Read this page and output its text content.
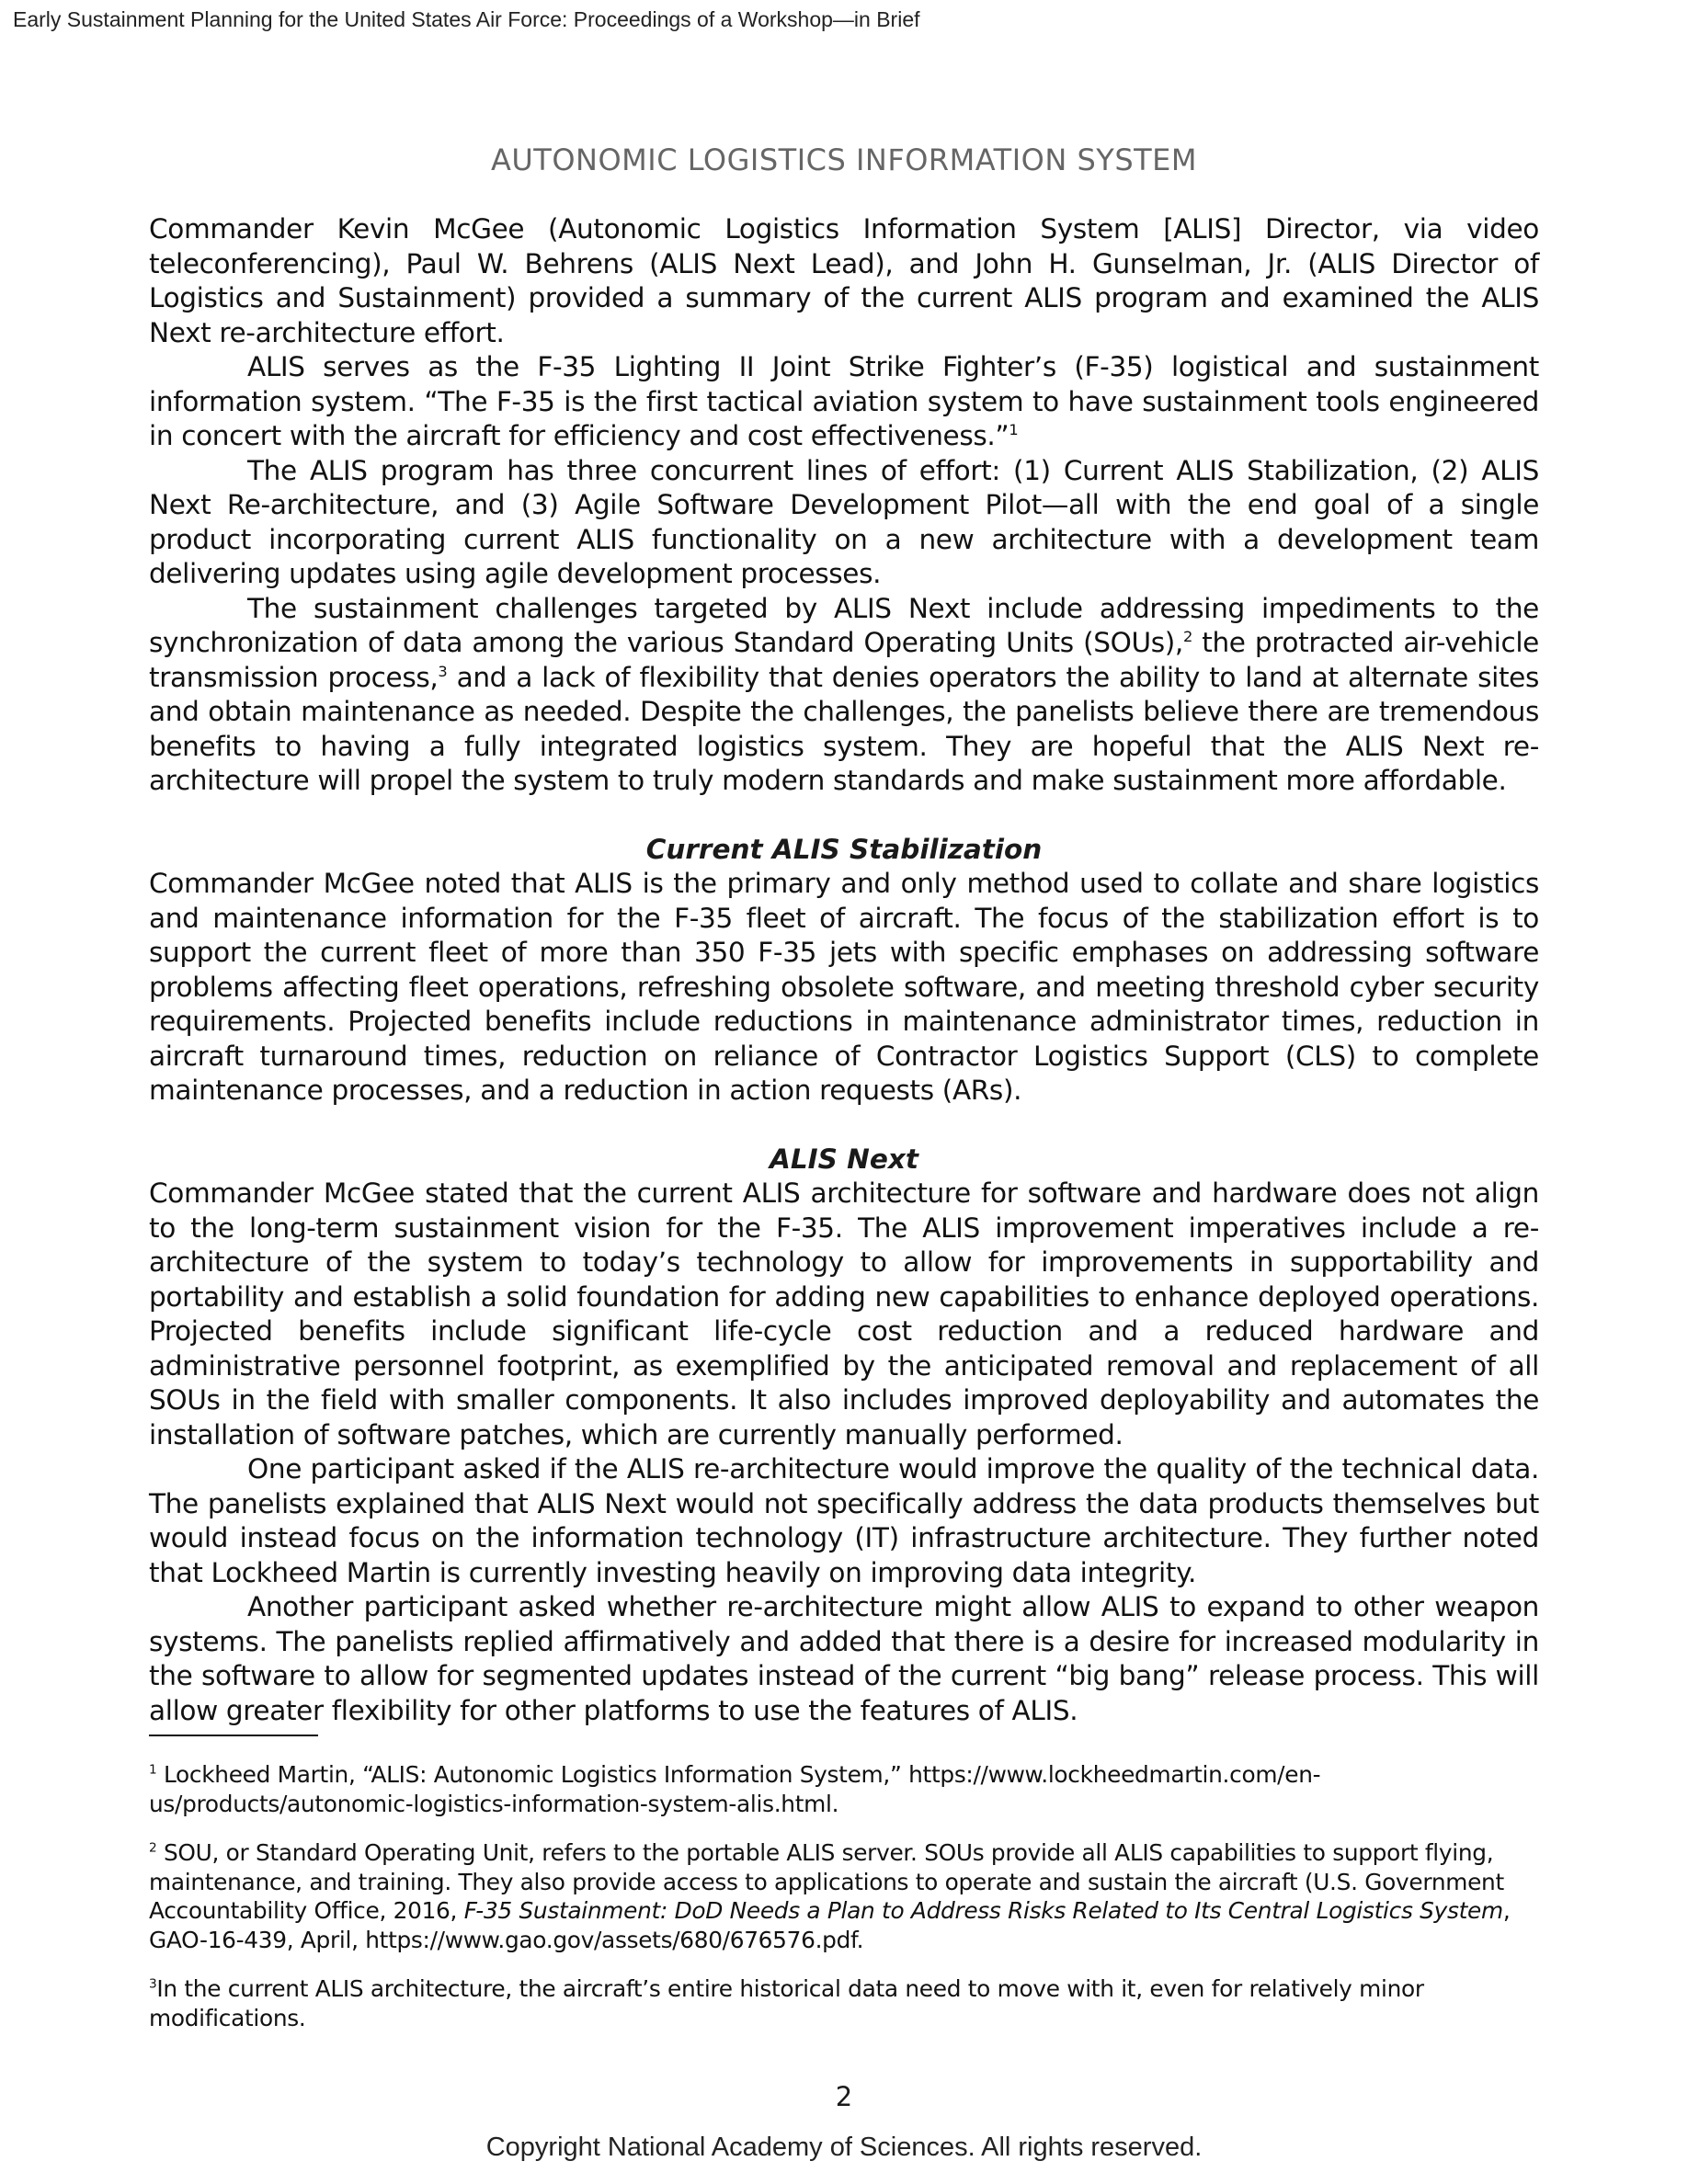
Early Sustainment Planning for the United States Air Force: Proceedings of a Workshop—in Brief
AUTONOMIC LOGISTICS INFORMATION SYSTEM

Commander Kevin McGee (Autonomic Logistics Information System [ALIS] Director, via video teleconferencing), Paul W. Behrens (ALIS Next Lead), and John H. Gunselman, Jr. (ALIS Director of Logistics and Sustainment) provided a summary of the current ALIS program and examined the ALIS Next re-architecture effort.

ALIS serves as the F-35 Lighting II Joint Strike Fighter’s (F-35) logistical and sustainment information system. “The F-35 is the first tactical aviation system to have sustainment tools engineered in concert with the aircraft for efficiency and cost effectiveness.”$^1$

The ALIS program has three concurrent lines of effort: (1) Current ALIS Stabilization, (2) ALIS Next Re-architecture, and (3) Agile Software Development Pilot—all with the end goal of a single product incorporating current ALIS functionality on a new architecture with a development team delivering updates using agile development processes.

The sustainment challenges targeted by ALIS Next include addressing impediments to the synchronization of data among the various Standard Operating Units (SOUs),$^2$ the protracted air-vehicle transmission process,$^3$ and a lack of flexibility that denies operators the ability to land at alternate sites and obtain maintenance as needed. Despite the challenges, the panelists believe there are tremendous benefits to having a fully integrated logistics system. They are hopeful that the ALIS Next re-architecture will propel the system to truly modern standards and make sustainment more affordable.

Current ALIS Stabilization

Commander McGee noted that ALIS is the primary and only method used to collate and share logistics and maintenance information for the F-35 fleet of aircraft. The focus of the stabilization effort is to support the current fleet of more than 350 F-35 jets with specific emphases on addressing software problems affecting fleet operations, refreshing obsolete software, and meeting threshold cyber security requirements. Projected benefits include reductions in maintenance administrator times, reduction in aircraft turnaround times, reduction on reliance of Contractor Logistics Support (CLS) to complete maintenance processes, and a reduction in action requests (ARs).

ALIS Next

Commander McGee stated that the current ALIS architecture for software and hardware does not align to the long-term sustainment vision for the F-35. The ALIS improvement imperatives include a re-architecture of the system to today’s technology to allow for improvements in supportability and portability and establish a solid foundation for adding new capabilities to enhance deployed operations. Projected benefits include significant life-cycle cost reduction and a reduced hardware and administrative personnel footprint, as exemplified by the anticipated removal and replacement of all SOUs in the field with smaller components. It also includes improved deployability and automates the installation of software patches, which are currently manually performed.

One participant asked if the ALIS re-architecture would improve the quality of the technical data. The panelists explained that ALIS Next would not specifically address the data products themselves but would instead focus on the information technology (IT) infrastructure architecture. They further noted that Lockheed Martin is currently investing heavily on improving data integrity.

Another participant asked whether re-architecture might allow ALIS to expand to other weapon systems. The panelists replied affirmatively and added that there is a desire for increased modularity in the software to allow for segmented updates instead of the current “big bang” release process. This will allow greater flexibility for other platforms to use the features of ALIS.

$^1$ Lockheed Martin, “ALIS: Autonomic Logistics Information System,” https://www.lockheedmartin.com/en-us/products/autonomic-logistics-information-system-alis.html.

$^2$ SOU, or Standard Operating Unit, refers to the portable ALIS server. SOUs provide all ALIS capabilities to support flying, maintenance, and training. They also provide access to applications to operate and sustain the aircraft (U.S. Government Accountability Office, 2016, F-35 Sustainment: DoD Needs a Plan to Address Risks Related to Its Central Logistics System, GAO-16-439, April, https://www.gao.gov/assets/680/676576.pdf.

$^3$In the current ALIS architecture, the aircraft’s entire historical data need to move with it, even for relatively minor modifications.

2
Copyright National Academy of Sciences. All rights reserved.
